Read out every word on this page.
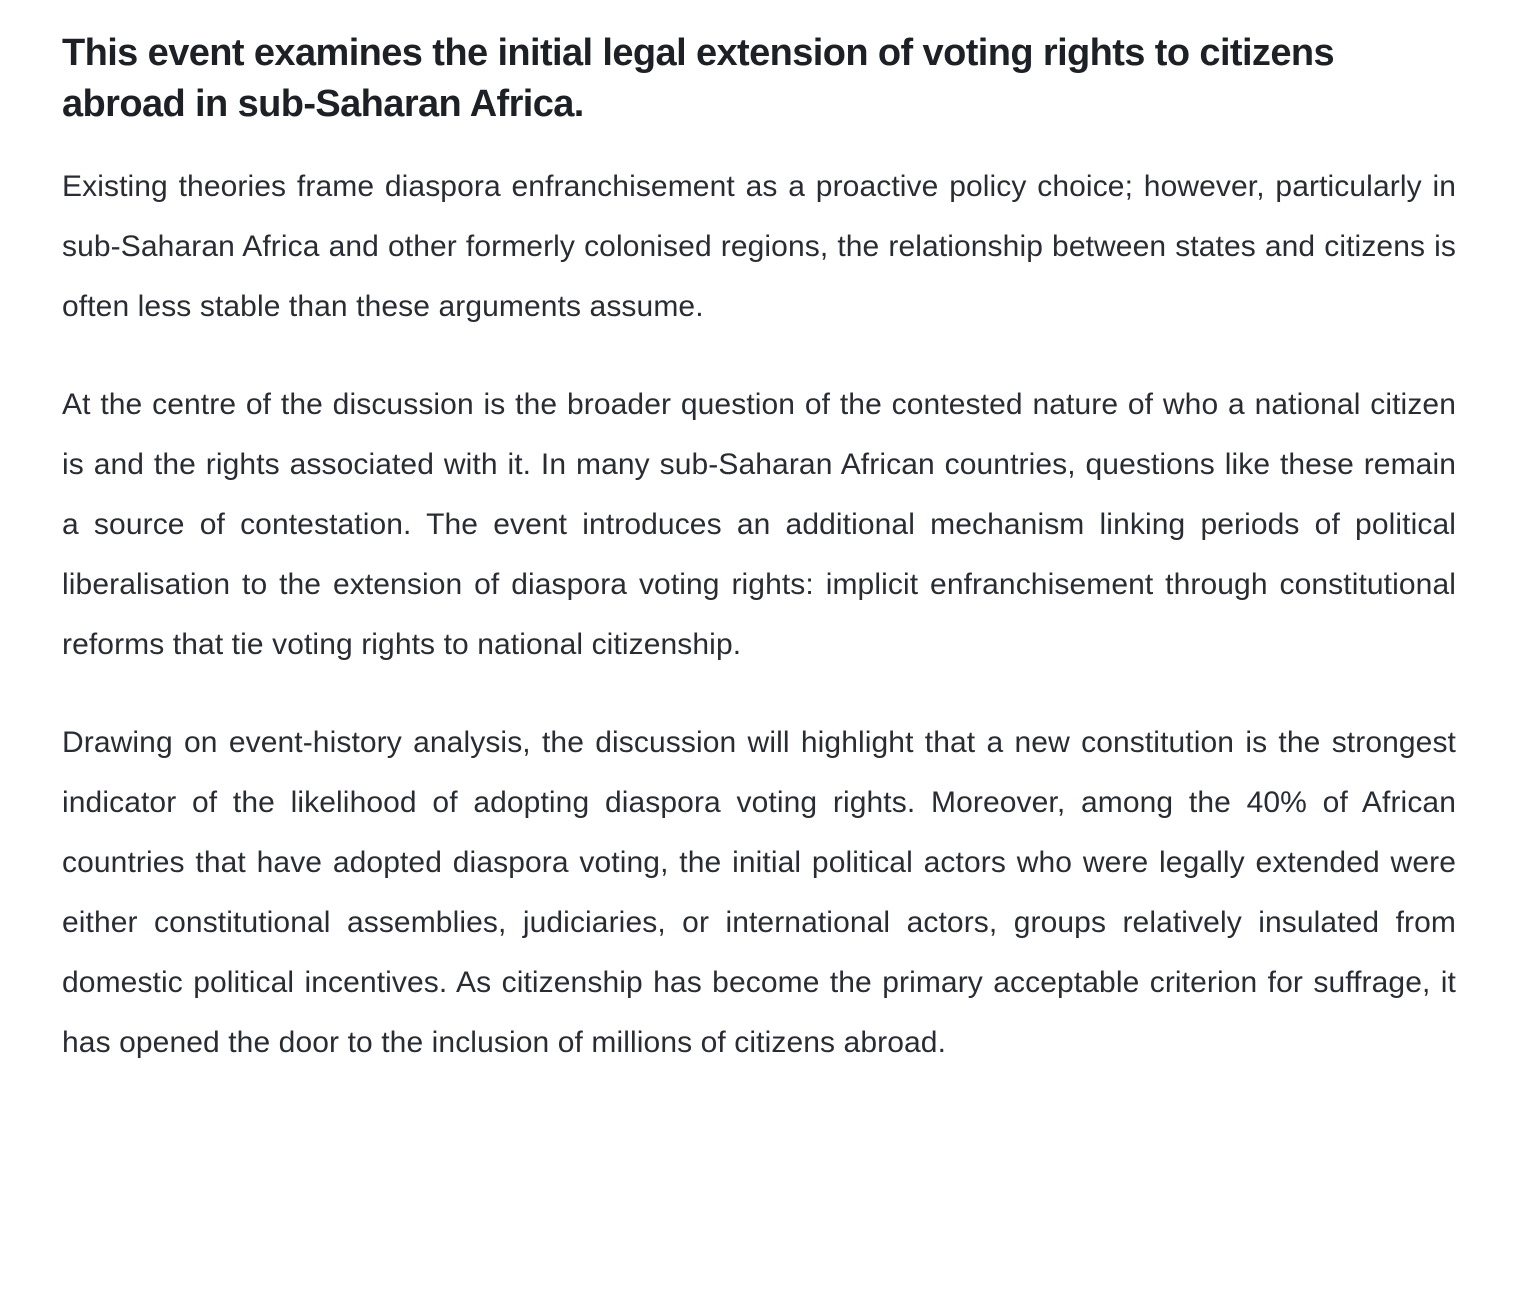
This event examines the initial legal extension of voting rights to citizens abroad in sub-Saharan Africa.

Existing theories frame diaspora enfranchisement as a proactive policy choice; however, particularly in sub-Saharan Africa and other formerly colonised regions, the relationship between states and citizens is often less stable than these arguments assume.

At the centre of the discussion is the broader question of the contested nature of who a national citizen is and the rights associated with it. In many sub-Saharan African countries, questions like these remain a source of contestation. The event introduces an additional mechanism linking periods of political liberalisation to the extension of diaspora voting rights: implicit enfranchisement through constitutional reforms that tie voting rights to national citizenship.

Drawing on event-history analysis, the discussion will highlight that a new constitution is the strongest indicator of the likelihood of adopting diaspora voting rights. Moreover, among the 40% of African countries that have adopted diaspora voting, the initial political actors who were legally extended were either constitutional assemblies, judiciaries, or international actors, groups relatively insulated from domestic political incentives. As citizenship has become the primary acceptable criterion for suffrage, it has opened the door to the inclusion of millions of citizens abroad.
